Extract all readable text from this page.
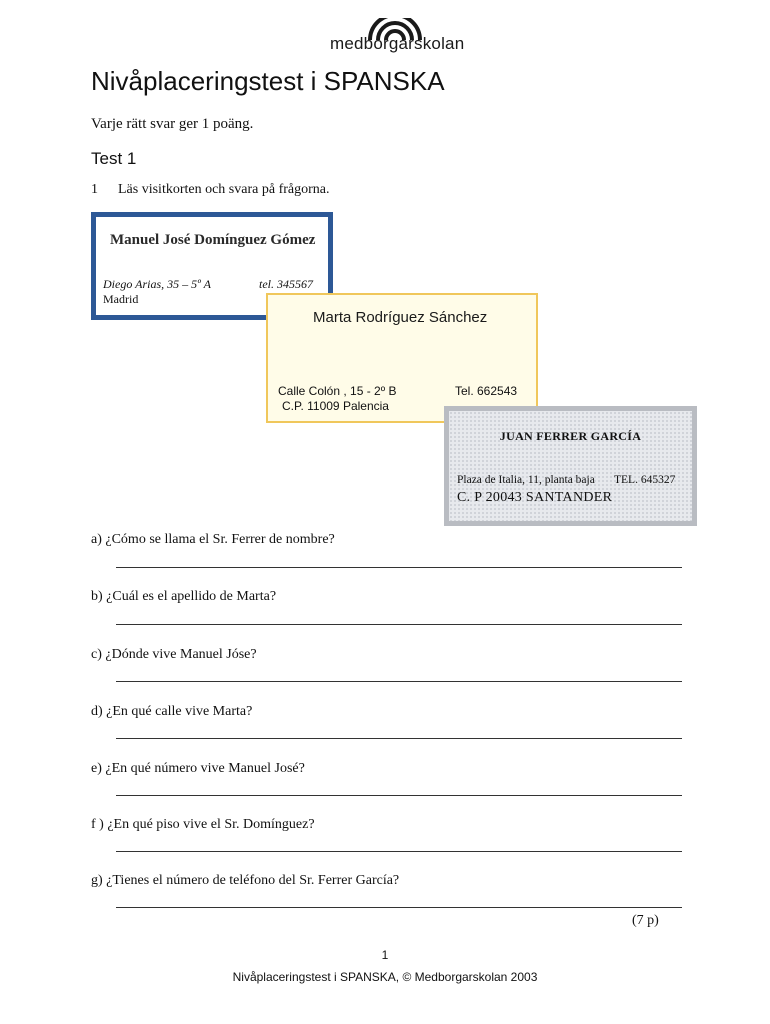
medborgarskolan
Nivåplaceringstest i SPANSKA
Varje rätt svar ger 1 poäng.
Test 1
1 Läs visitkorten och svara på frågorna.
Manuel José Domínguez Gómez
Diego Arias, 35 – 5º A	tel. 345567
Madrid
Marta Rodríguez Sánchez
Calle Colón , 15 - 2º B	Tel. 662543
C.P. 11009 Palencia
JUAN FERRER GARCÍA
Plaza de Italia, 11, planta baja TEL. 645327
C. P 20043 SANTANDER
a) ¿Cómo se llama el Sr. Ferrer de nombre?
b) ¿Cuál es el apellido de Marta?
c) ¿Dónde vive Manuel Jóse?
d) ¿En qué calle vive Marta?
e) ¿En qué número vive Manuel José?
f ) ¿En qué piso vive el Sr. Domínguez?
g) ¿Tienes el número de teléfono del Sr. Ferrer García?
(7 p)
1
Nivåplaceringstest i SPANSKA, © Medborgarskolan 2003
